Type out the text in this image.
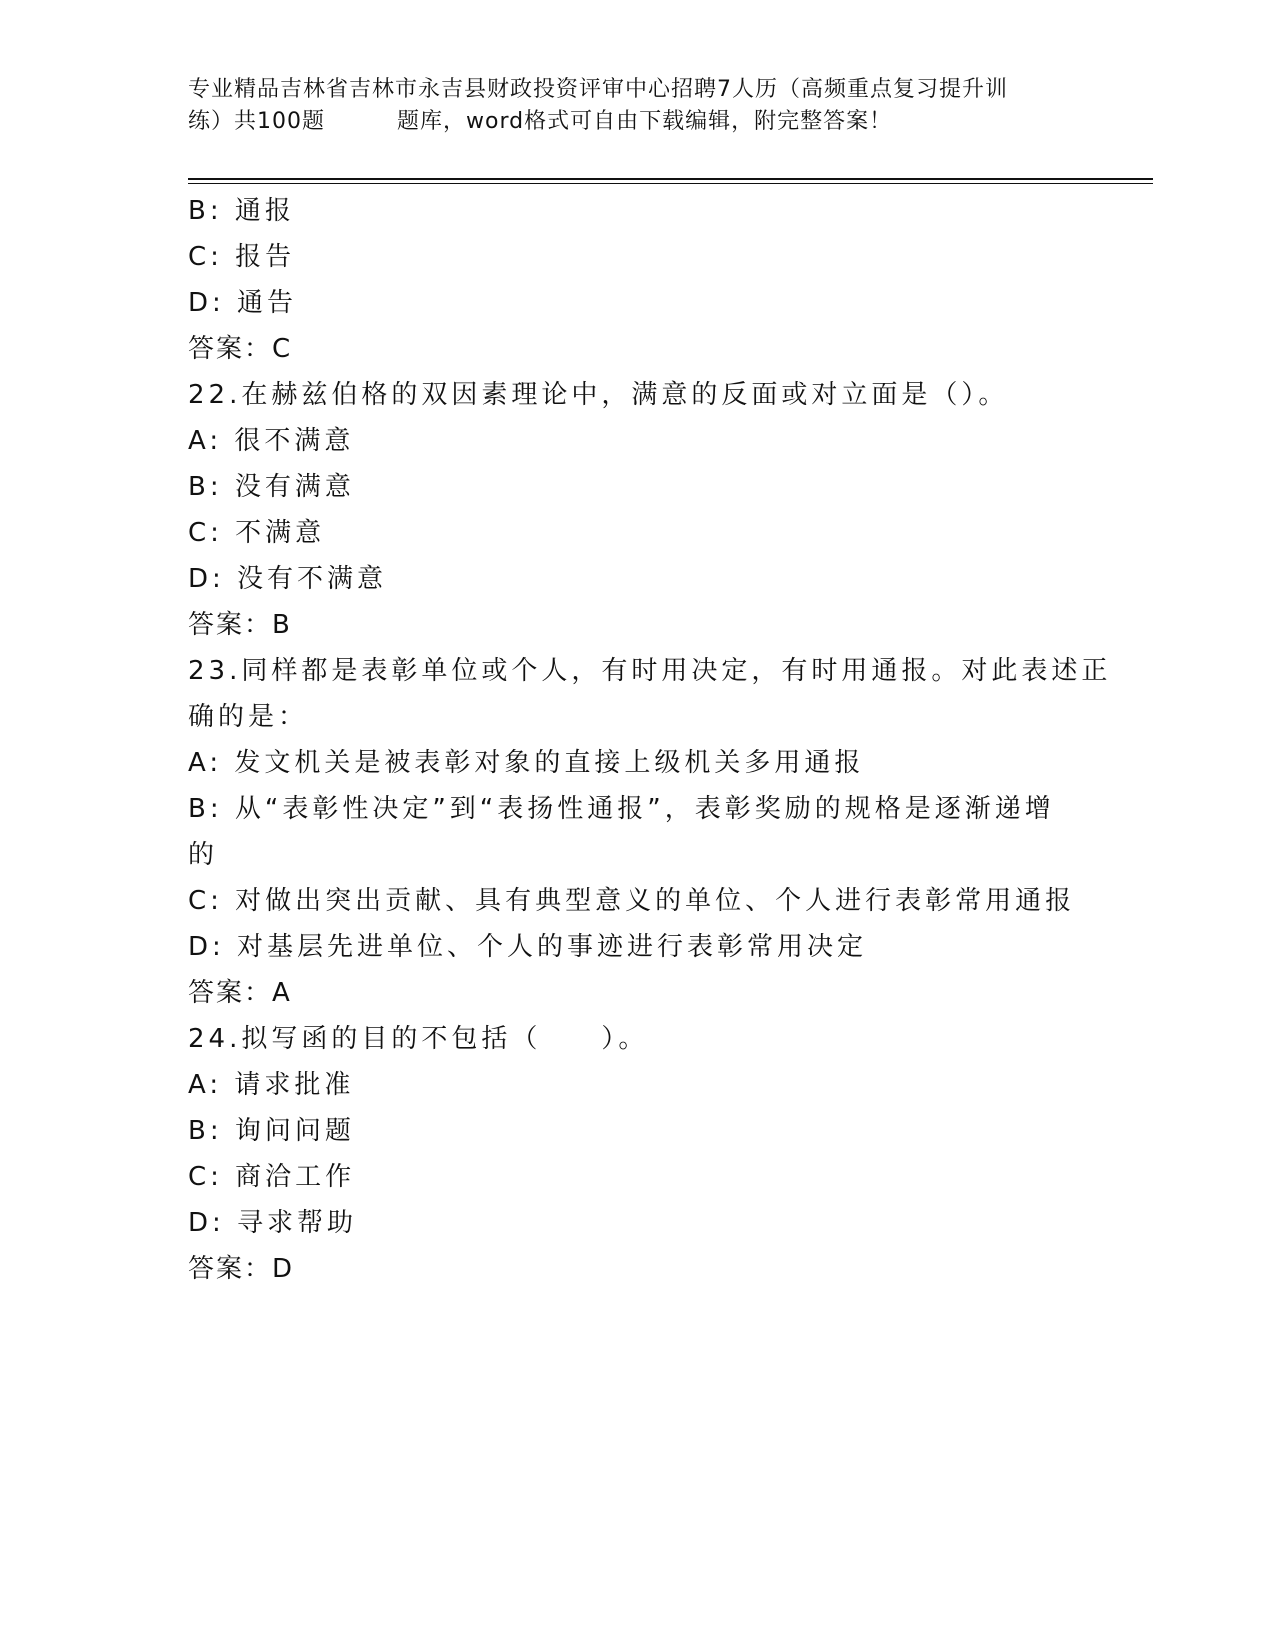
专业精品吉林省吉林市永吉县财政投资评审中心招聘7人历（高频重点复习提升训
练）共100题	题库，word格式可自由下载编辑，附完整答案！

B: 通报

C: 报告

D: 通告

答案：C

22.在赫兹伯格的双因素理论中，满意的反面或对立面是（）。

A: 很不满意

B: 没有满意

C: 不满意

D: 没有不满意

答案：B

23.同样都是表彰单位或个人，有时用决定，有时用通报。对此表述正

确的是：

A: 发文机关是被表彰对象的直接上级机关多用通报

B: 从“表彰性决定”到“表扬性通报”，表彰奖励的规格是逐渐递增

的

C: 对做出突出贡献、具有典型意义的单位、个人进行表彰常用通报

D: 对基层先进单位、个人的事迹进行表彰常用决定

答案：A

24.拟写函的目的不包括（　　）。

A: 请求批准

B: 询问问题

C: 商洽工作

D: 寻求帮助

答案：D
